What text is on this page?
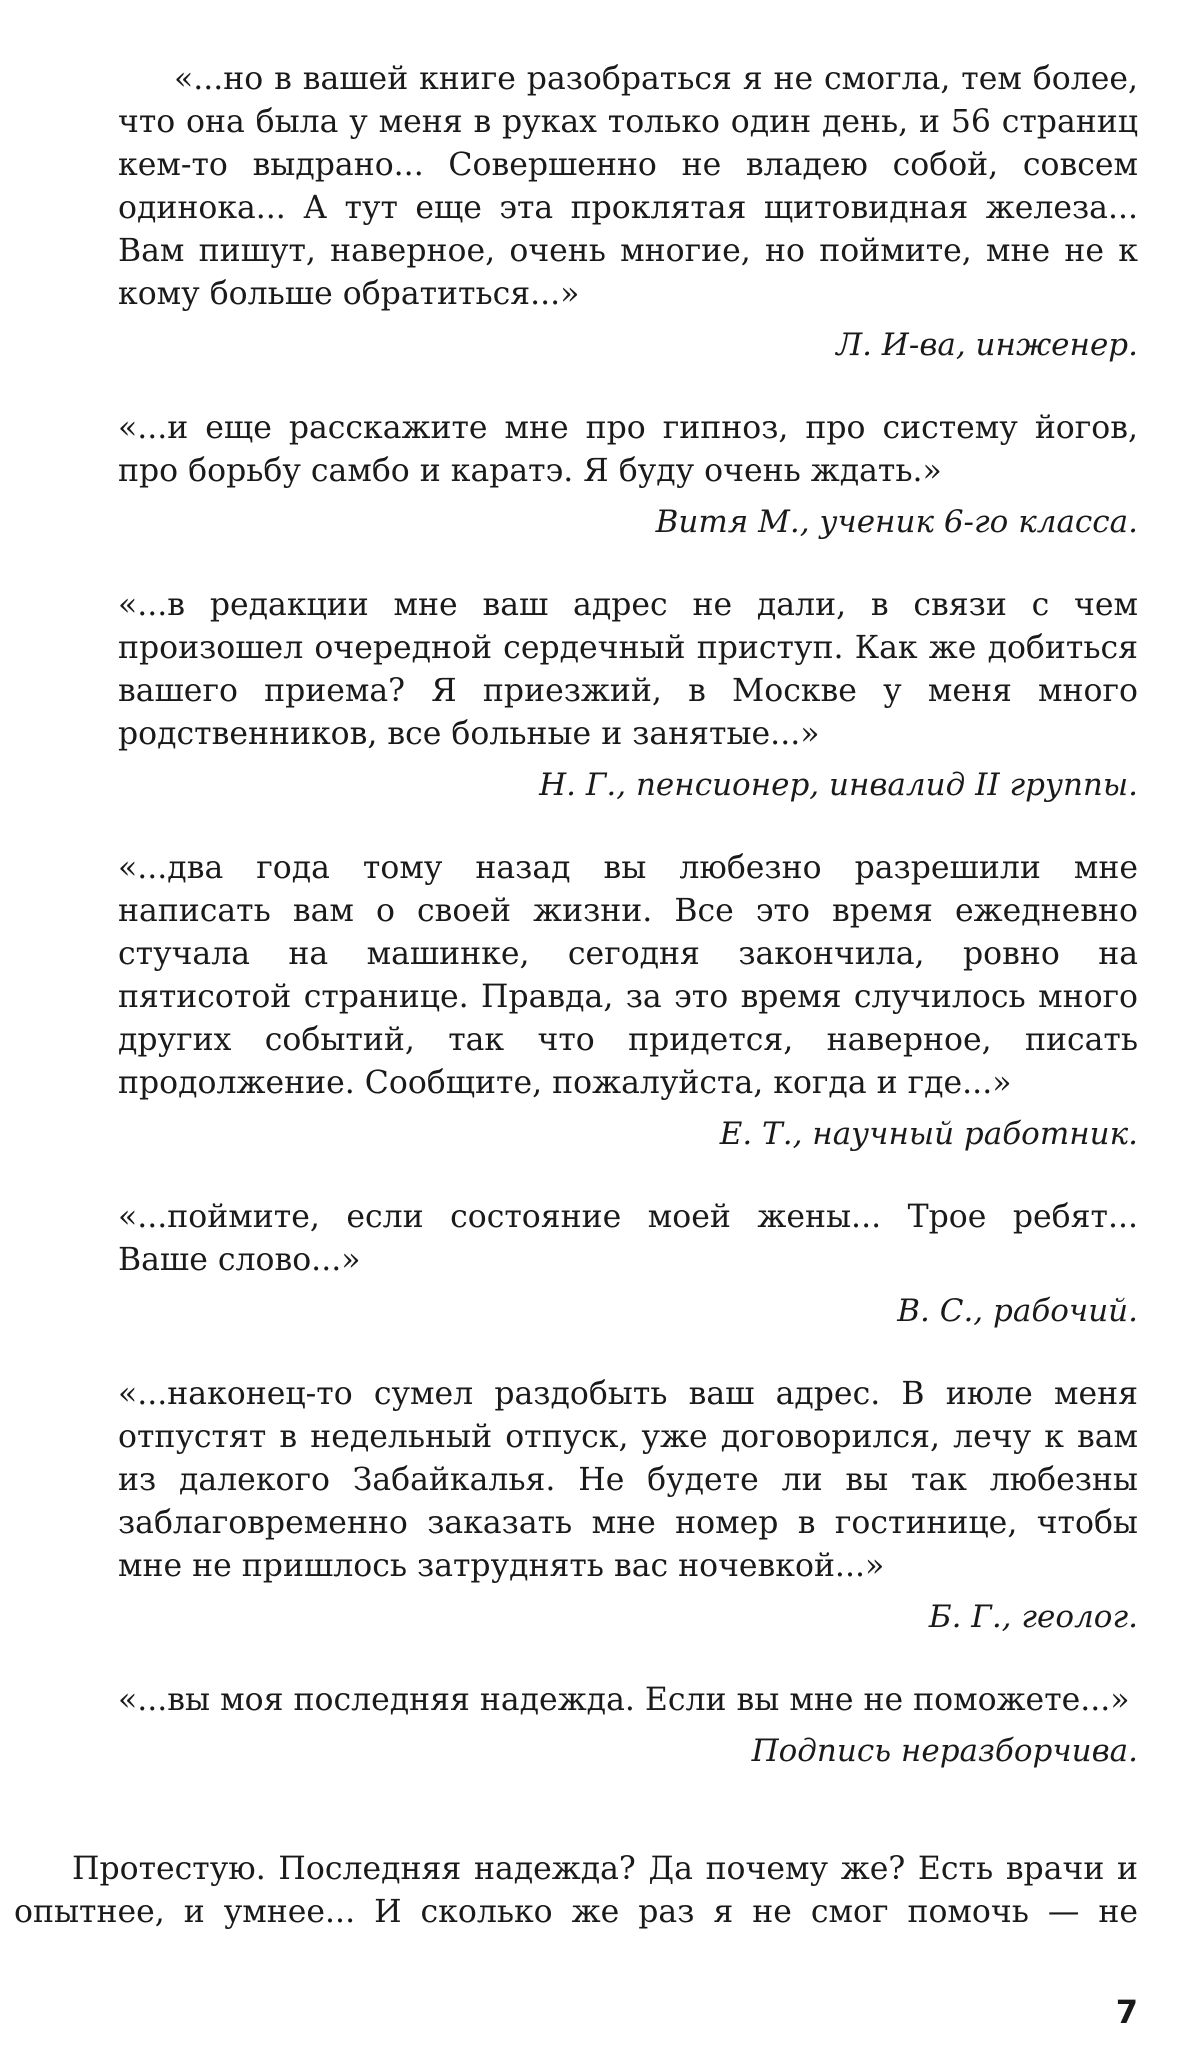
«...но в вашей книге разобраться я не смогла, тем более, что она была у меня в руках только один день, и 56 страниц кем-то выдрано... Совершенно не владею собой, совсем одинока... А тут еще эта проклятая щитовидная железа... Вам пишут, наверное, очень многие, но поймите, мне не к кому больше обратиться...»

Л. И-ва, инженер.

«...и еще расскажите мне про гипноз, про систему йогов, про борьбу самбо и каратэ. Я буду очень ждать.»

Витя М., ученик 6-го класса.

«...в редакции мне ваш адрес не дали, в связи с чем произошел очередной сердечный приступ. Как же добиться вашего приема? Я приезжий, в Москве у меня много родственников, все больные и занятые...»

Н. Г., пенсионер, инвалид II группы.

«...два года тому назад вы любезно разрешили мне написать вам о своей жизни. Все это время ежедневно стучала на машинке, сегодня закончила, ровно на пятисотой странице. Правда, за это время случилось много других событий, так что придется, наверное, писать продолжение. Сообщите, пожалуйста, когда и где...»

Е. Т., научный работник.

«...поймите, если состояние моей жены... Трое ребят... Ваше слово...»

В. С., рабочий.

«...наконец-то сумел раздобыть ваш адрес. В июле меня отпустят в недельный отпуск, уже договорился, лечу к вам из далекого Забайкалья. Не будете ли вы так любезны заблаговременно заказать мне номер в гостинице, чтобы мне не пришлось затруднять вас ночевкой...»

Б. Г., геолог.

«...вы моя последняя надежда. Если вы мне не поможете...»

Подпись неразборчива.

Протестую. Последняя надежда? Да почему же? Есть врачи и опытнее, и умнее... И сколько же раз я не смог помочь — не

7
